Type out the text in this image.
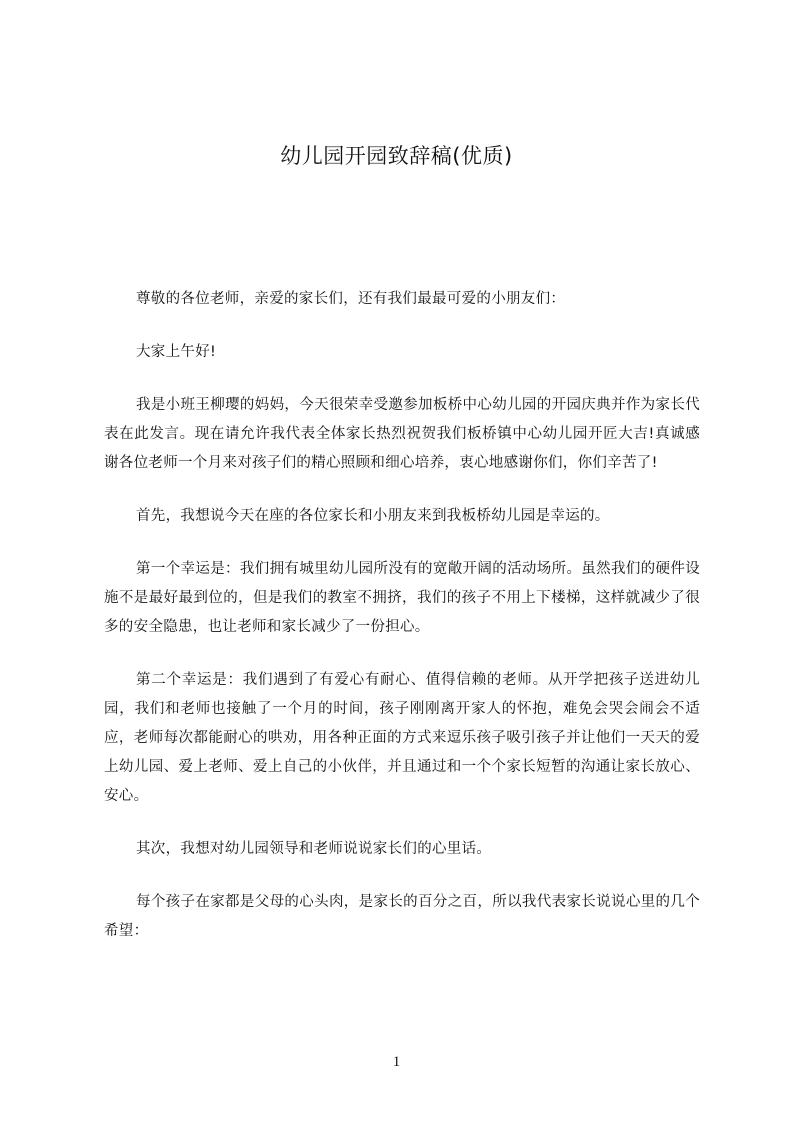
幼儿园开园致辞稿(优质)

尊敬的各位老师，亲爱的家长们，还有我们最最可爱的小朋友们：

大家上午好!

我是小班王柳璎的妈妈，今天很荣幸受邀参加板桥中心幼儿园的开园庆典并作为家长代表在此发言。现在请允许我代表全体家长热烈祝贺我们板桥镇中心幼儿园开匠大吉!真诚感谢各位老师一个月来对孩子们的精心照顾和细心培养，衷心地感谢你们，你们辛苦了!

首先，我想说今天在座的各位家长和小朋友来到我板桥幼儿园是幸运的。

第一个幸运是：我们拥有城里幼儿园所没有的宽敞开阔的活动场所。虽然我们的硬件设施不是最好最到位的，但是我们的教室不拥挤，我们的孩子不用上下楼梯，这样就减少了很多的安全隐患，也让老师和家长减少了一份担心。

第二个幸运是：我们遇到了有爱心有耐心、值得信赖的老师。从开学把孩子送进幼儿园，我们和老师也接触了一个月的时间，孩子刚刚离开家人的怀抱，难免会哭会闹会不适应，老师每次都能耐心的哄劝，用各种正面的方式来逗乐孩子吸引孩子并让他们一天天的爱上幼儿园、爱上老师、爱上自己的小伙伴，并且通过和一个个家长短暂的沟通让家长放心、安心。

其次，我想对幼儿园领导和老师说说家长们的心里话。

每个孩子在家都是父母的心头肉，是家长的百分之百，所以我代表家长说说心里的几个希望：

1
